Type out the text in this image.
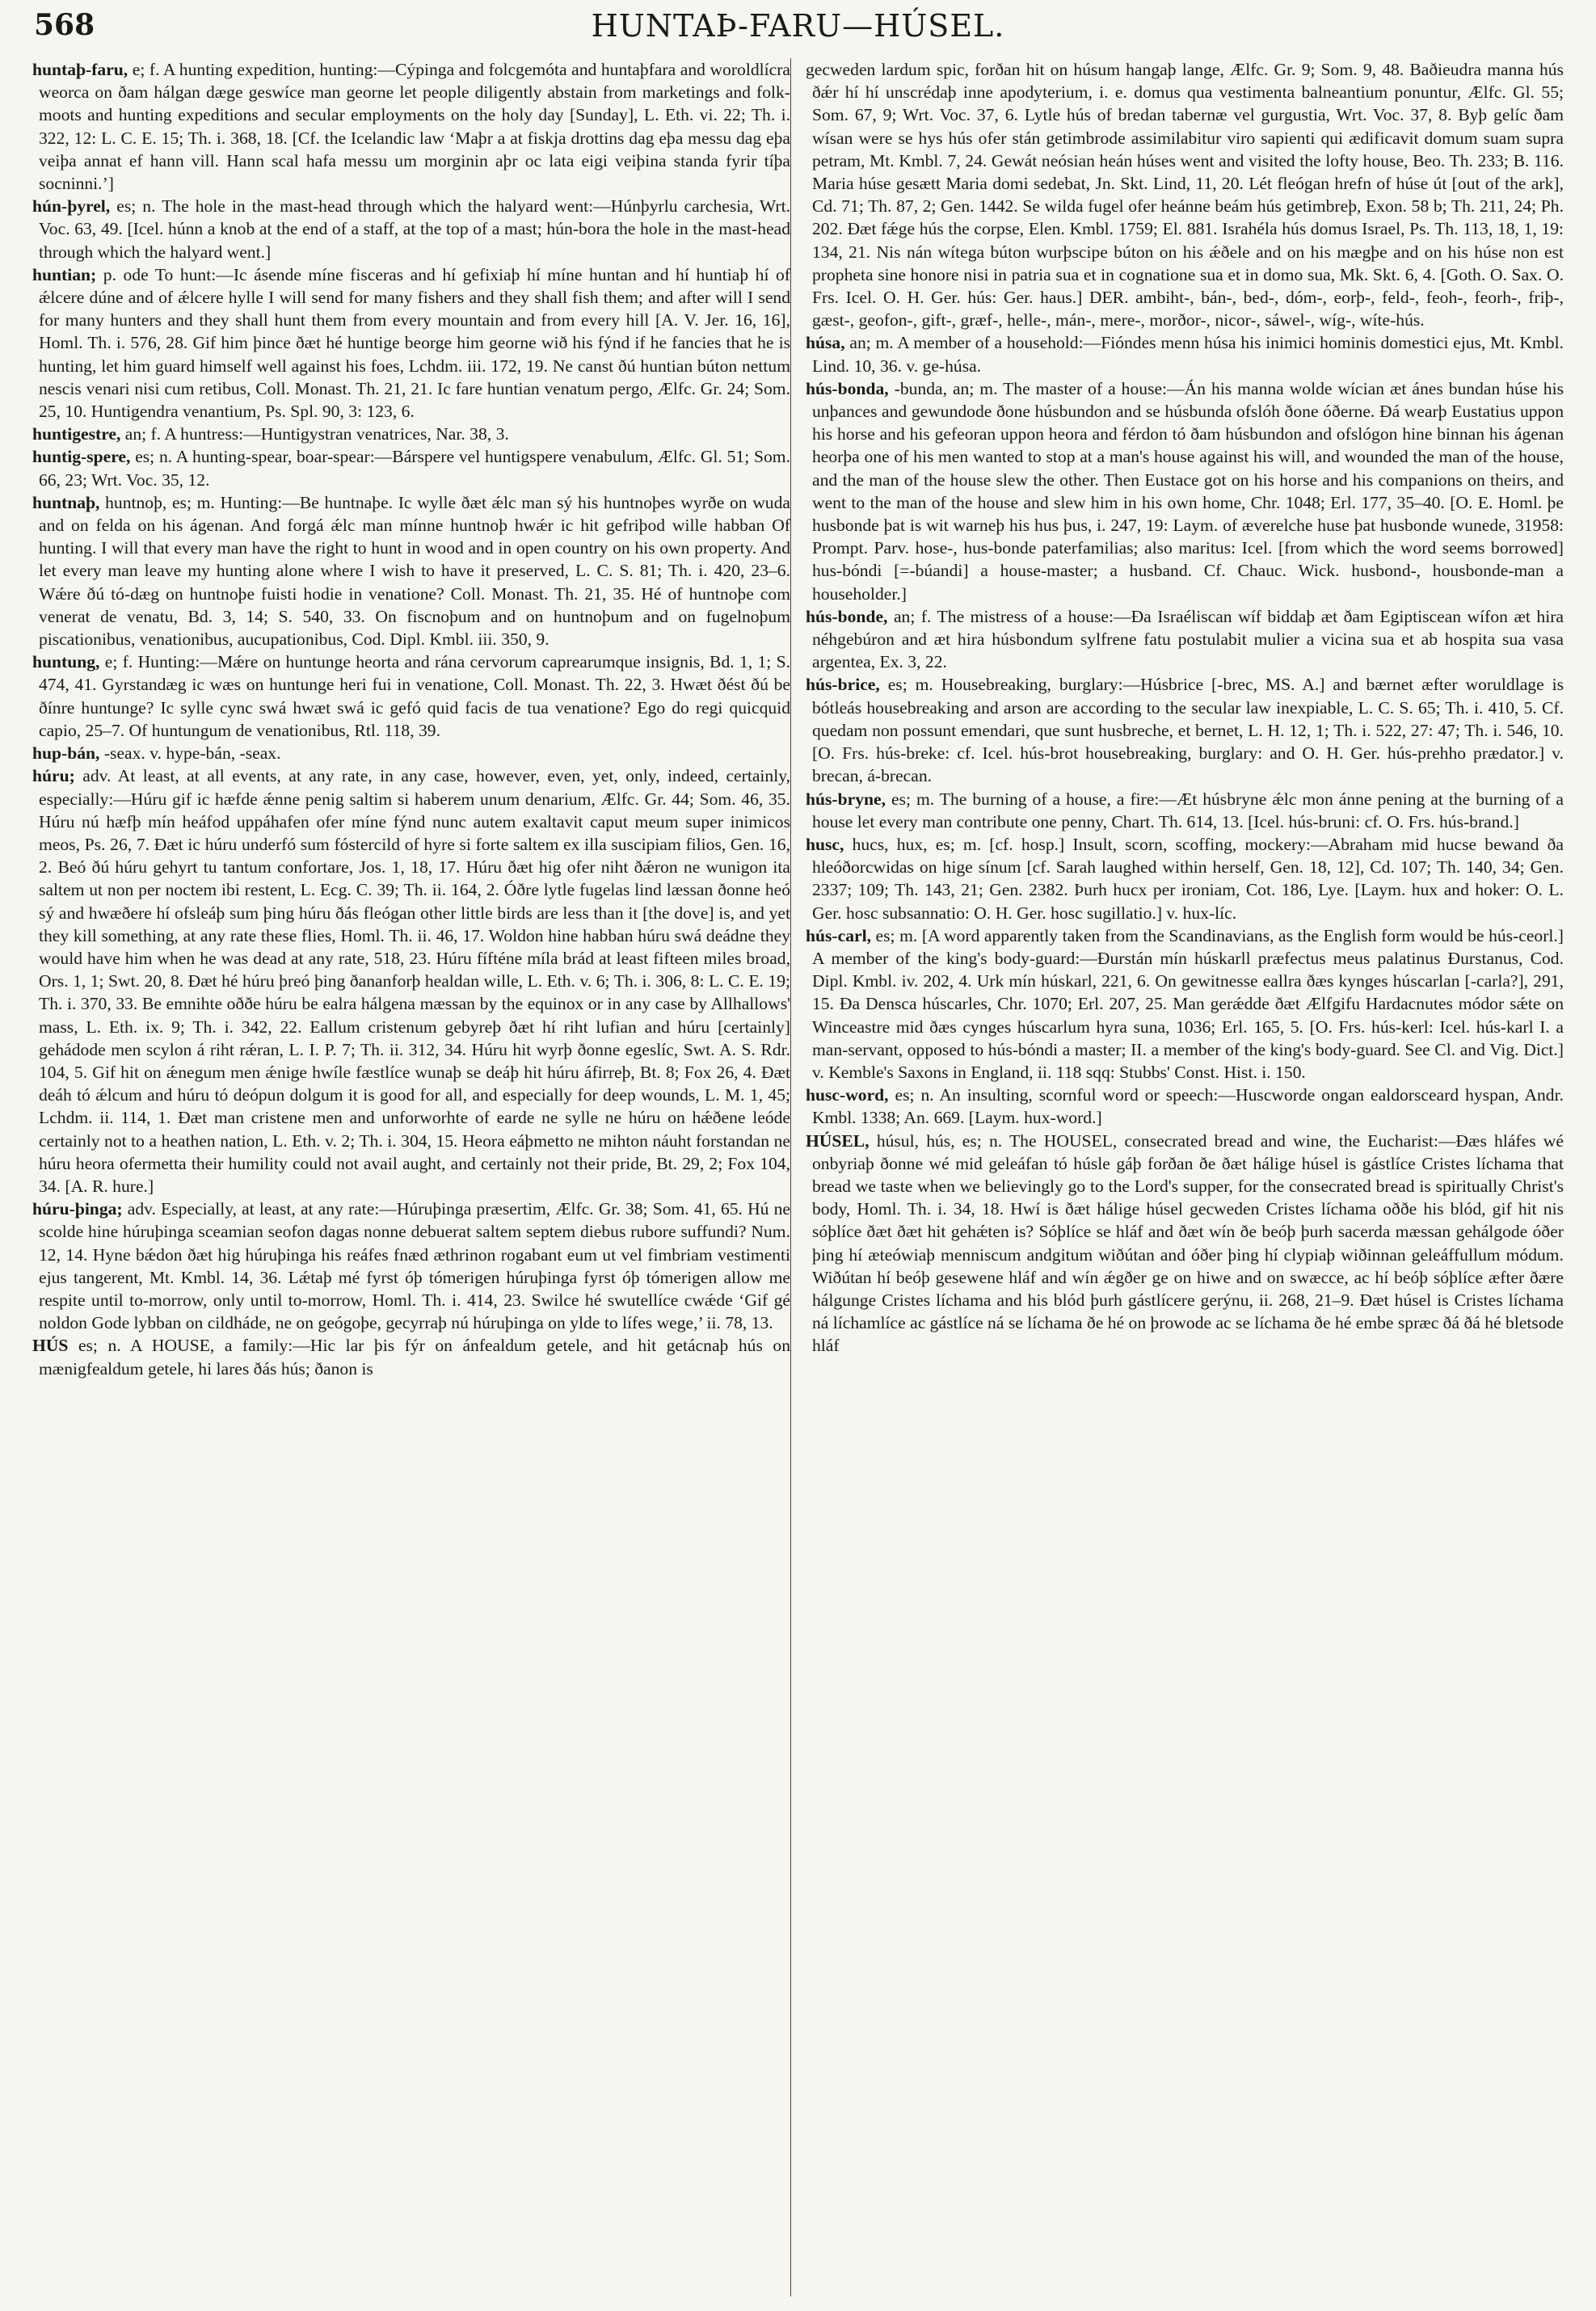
568	HUNTAÞ-FARU—HÚSEL.

huntaþ-faru, e; f. A hunting expedition, hunting:—Cýpinga and folcgemóta and huntaþfara and woroldlícra weorca on ðam hálgan dæge geswíce man georne let people diligently abstain from marketings and folk-moots and hunting expeditions and secular employments on the holy day [Sunday], L. Eth. vi. 22; Th. i. 322, 12: L. C. E. 15; Th. i. 368, 18. [Cf. the Icelandic law ‘Maþr a at fiskja drottins dag eþa messu dag eþa veiþa annat ef hann vill. Hann scal hafa messu um morginin aþr oc lata eigi veiþina standa fyrir tíþa socninni.’]

hún-þyrel, es; n. The hole in the mast-head through which the halyard went:—Húnþyrlu carchesia, Wrt. Voc. 63, 49. [Icel. húnn a knob at the end of a staff, at the top of a mast; hún-bora the hole in the mast-head through which the halyard went.]

huntian; p. ode To hunt:—Ic ásende míne fisceras and hí gefixiaþ hí míne huntan and hí huntiaþ hí of ǽlcere dúne and of ǽlcere hylle I will send for many fishers and they shall fish them; and after will I send for many hunters and they shall hunt them from every mountain and from every hill [A. V. Jer. 16, 16], Homl. Th. i. 576, 28. Gif him þince ðæt hé huntige beorge him georne wið his fýnd if he fancies that he is hunting, let him guard himself well against his foes, Lchdm. iii. 172, 19. Ne canst ðú huntian búton nettum nescis venari nisi cum retibus, Coll. Monast. Th. 21, 21. Ic fare huntian venatum pergo, Ælfc. Gr. 24; Som. 25, 10. Huntigendra venantium, Ps. Spl. 90, 3: 123, 6.

huntigestre, an; f. A huntress:—Huntigystran venatrices, Nar. 38, 3.

huntig-spere, es; n. A hunting-spear, boar-spear:—Bárspere vel huntigspere venabulum, Ælfc. Gl. 51; Som. 66, 23; Wrt. Voc. 35, 12.

huntnaþ, huntnoþ, es; m. Hunting:—Be huntnaþe. Ic wylle ðæt ǽlc man sý his huntnoþes wyrðe on wuda and on felda on his ágenan. And forgá ǽlc man mínne huntnoþ hwǽr ic hit gefriþod wille habban Of hunting. I will that every man have the right to hunt in wood and in open country on his own property. And let every man leave my hunting alone where I wish to have it preserved, L. C. S. 81; Th. i. 420, 23–6. Wǽre ðú tó-dæg on huntnoþe fuisti hodie in venatione? Coll. Monast. Th. 21, 35. Hé of huntnoþe com venerat de venatu, Bd. 3, 14; S. 540, 33. On fiscnoþum and on huntnoþum and on fugelnoþum piscationibus, venationibus, aucupationibus, Cod. Dipl. Kmbl. iii. 350, 9.

huntung, e; f. Hunting:—Mǽre on huntunge heorta and rána cervorum caprearumque insignis, Bd. 1, 1; S. 474, 41. Gyrstandæg ic wæs on huntunge heri fui in venatione, Coll. Monast. Th. 22, 3. Hwæt ðést ðú be ðínre huntunge? Ic sylle cync swá hwæt swá ic gefó quid facis de tua venatione? Ego do regi quicquid capio, 25–7. Of huntungum de venationibus, Rtl. 118, 39.

hup-bán, -seax. v. hype-bán, -seax.

húru; adv. At least, at all events, at any rate, in any case, however, even, yet, only, indeed, certainly, especially:—Húru gif ic hæfde ǽnne penig saltim si haberem unum denarium, Ælfc. Gr. 44; Som. 46, 35. Húru nú hæfþ mín heáfod uppáhafen ofer míne fýnd nunc autem exaltavit caput meum super inimicos meos, Ps. 26, 7. Ðæt ic húru underfó sum fóstercild of hyre si forte saltem ex illa suscipiam filios, Gen. 16, 2. Beó ðú húru gehyrt tu tantum confortare, Jos. 1, 18, 17. Húru ðæt hig ofer niht ðǽron ne wunigon ita saltem ut non per noctem ibi restent, L. Ecg. C. 39; Th. ii. 164, 2. Óðre lytle fugelas lind læssan ðonne heó sý and hwæðere hí ofsleáþ sum þing húru ðás fleógan other little birds are less than it [the dove] is, and yet they kill something, at any rate these flies, Homl. Th. ii. 46, 17. Woldon hine habban húru swá deádne they would have him when he was dead at any rate, 518, 23. Húru fífténe míla brád at least fifteen miles broad, Ors. 1, 1; Swt. 20, 8. Ðæt hé húru þreó þing ðananforþ healdan wille, L. Eth. v. 6; Th. i. 306, 8: L. C. E. 19; Th. i. 370, 33. Be emnihte oððe húru be ealra hálgena mæssan by the equinox or in any case by Allhallows' mass, L. Eth. ix. 9; Th. i. 342, 22. Eallum cristenum gebyreþ ðæt hí riht lufian and húru [certainly] gehádode men scylon á riht rǽran, L. I. P. 7; Th. ii. 312, 34. Húru hit wyrþ ðonne egeslíc, Swt. A. S. Rdr. 104, 5. Gif hit on ǽnegum men ǽnige hwíle fæstlíce wunaþ se deáþ hit húru áfirreþ, Bt. 8; Fox 26, 4. Ðæt deáh tó ǽlcum and húru tó deópun dolgum it is good for all, and especially for deep wounds, L. M. 1, 45; Lchdm. ii. 114, 1. Ðæt man cristene men and unforworhte of earde ne sylle ne húru on hǽðene leóde certainly not to a heathen nation, L. Eth. v. 2; Th. i. 304, 15. Heora eáþmetto ne mihton náuht forstandan ne húru heora ofermetta their humility could not avail aught, and certainly not their pride, Bt. 29, 2; Fox 104, 34. [A. R. hure.]

húru-þinga; adv. Especially, at least, at any rate:—Húruþinga præsertim, Ælfc. Gr. 38; Som. 41, 65. Hú ne scolde hine húruþinga sceamian seofon dagas nonne debuerat saltem septem diebus rubore suffundi? Num. 12, 14. Hyne bǽdon ðæt hig húruþinga his reáfes fnæd æthrinon rogabant eum ut vel fimbriam vestimenti ejus tangerent, Mt. Kmbl. 14, 36. Lǽtaþ mé fyrst óþ tómerigen húruþinga fyrst óþ tómerigen allow me respite until to-morrow, only until to-morrow, Homl. Th. i. 414, 23. Swilce hé swutellíce cwǽde ‘Gif gé noldon Gode lybban on cildháde, ne on geógoþe, gecyrraþ nú húruþinga on ylde to lífes wege,’ ii. 78, 13.

HÚS es; n. A HOUSE, a family:—Hic lar þis fýr on ánfealdum getele, and hit getácnaþ hús on mænigfealdum getele, hi lares ðás hús; ðanon is

gecweden lardum spic, forðan hit on húsum hangaþ lange, Ælfc. Gr. 9; Som. 9, 48. Baðieudra manna hús ðǽr hí hí unscrédaþ inne apodyterium, i. e. domus qua vestimenta balneantium ponuntur, Ælfc. Gl. 55; Som. 67, 9; Wrt. Voc. 37, 6. Lytle hús of bredan tabernæ vel gurgustia, Wrt. Voc. 37, 8. Byþ gelíc ðam wísan were se hys hús ofer stán getimbrode assimilabitur viro sapienti qui ædificavit domum suam supra petram, Mt. Kmbl. 7, 24. Gewát neósian heán húses went and visited the lofty house, Beo. Th. 233; B. 116. Maria húse gesætt Maria domi sedebat, Jn. Skt. Lind, 11, 20. Lét fleógan hrefn of húse út [out of the ark], Cd. 71; Th. 87, 2; Gen. 1442. Se wilda fugel ofer heánne beám hús getimbreþ, Exon. 58 b; Th. 211, 24; Ph. 202. Ðæt fǽge hús the corpse, Elen. Kmbl. 1759; El. 881. Israhéla hús domus Israel, Ps. Th. 113, 18, 1, 19: 134, 21. Nis nán wítega búton wurþscipe búton on his ǽðele and on his mægþe and on his húse non est propheta sine honore nisi in patria sua et in cognatione sua et in domo sua, Mk. Skt. 6, 4. [Goth. O. Sax. O. Frs. Icel. O. H. Ger. hús: Ger. haus.] DER. ambiht-, bán-, bed-, dóm-, eorþ-, feld-, feoh-, feorh-, friþ-, gæst-, geofon-, gift-, græf-, helle-, mán-, mere-, morðor-, nicor-, sáwel-, wíg-, wíte-hús.

húsa, an; m. A member of a household:—Fióndes menn húsa his inimici hominis domestici ejus, Mt. Kmbl. Lind. 10, 36. v. ge-húsa.

hús-bonda, -bunda, an; m. The master of a house:—Án his manna wolde wícian æt ánes bundan húse his unþances and gewundode ðone húsbundon and se húsbunda ofslóh ðone óðerne. Ðá wearþ Eustatius uppon his horse and his gefeoran uppon heora and férdon tó ðam húsbundon and ofslógon hine binnan his ágenan heorþa one of his men wanted to stop at a man's house against his will, and wounded the man of the house, and the man of the house slew the other. Then Eustace got on his horse and his companions on theirs, and went to the man of the house and slew him in his own home, Chr. 1048; Erl. 177, 35–40. [O. E. Homl. þe husbonde þat is wit warneþ his hus þus, i. 247, 19: Laym. of æverelche huse þat husbonde wunede, 31958: Prompt. Parv. hose-, hus-bonde paterfamilias; also maritus: Icel. [from which the word seems borrowed] hus-bóndi [=-búandi] a house-master; a husband. Cf. Chauc. Wick. husbond-, housbonde-man a householder.]

hús-bonde, an; f. The mistress of a house:—Ða Israéliscan wíf biddaþ æt ðam Egiptiscean wífon æt hira néhgebúron and æt hira húsbondum sylfrene fatu postulabit mulier a vicina sua et ab hospita sua vasa argentea, Ex. 3, 22.

hús-brice, es; m. Housebreaking, burglary:—Húsbrice [-brec, MS. A.] and bærnet æfter woruldlage is bótleás housebreaking and arson are according to the secular law inexpiable, L. C. S. 65; Th. i. 410, 5. Cf. quedam non possunt emendari, que sunt husbreche, et bernet, L. H. 12, 1; Th. i. 522, 27: 47; Th. i. 546, 10. [O. Frs. hús-breke: cf. Icel. hús-brot housebreaking, burglary: and O. H. Ger. hús-prehho prædator.] v. brecan, á-brecan.

hús-bryne, es; m. The burning of a house, a fire:—Æt húsbryne ǽlc mon ánne pening at the burning of a house let every man contribute one penny, Chart. Th. 614, 13. [Icel. hús-bruni: cf. O. Frs. hús-brand.]

husc, hucs, hux, es; m. [cf. hosp.] Insult, scorn, scoffing, mockery:—Abraham mid hucse bewand ða hleóðorcwidas on hige sínum [cf. Sarah laughed within herself, Gen. 18, 12], Cd. 107; Th. 140, 34; Gen. 2337; 109; Th. 143, 21; Gen. 2382. Þurh hucx per ironiam, Cot. 186, Lye. [Laym. hux and hoker: O. L. Ger. hosc subsannatio: O. H. Ger. hosc sugillatio.] v. hux-líc.

hús-carl, es; m. [A word apparently taken from the Scandinavians, as the English form would be hús-ceorl.] A member of the king's body-guard:—Ðurstán mín húskarll præfectus meus palatinus Ðurstanus, Cod. Dipl. Kmbl. iv. 202, 4. Urk mín húskarl, 221, 6. On gewitnesse eallra ðæs kynges húscarlan [-carla?], 291, 15. Ða Densca húscarles, Chr. 1070; Erl. 207, 25. Man gerǽdde ðæt Ælfgifu Hardacnutes módor sǽte on Winceastre mid ðæs cynges húscarlum hyra suna, 1036; Erl. 165, 5. [O. Frs. hús-kerl: Icel. hús-karl I. a man-servant, opposed to hús-bóndi a master; II. a member of the king's body-guard. See Cl. and Vig. Dict.] v. Kemble's Saxons in England, ii. 118 sqq: Stubbs' Const. Hist. i. 150.

husc-word, es; n. An insulting, scornful word or speech:—Huscworde ongan ealdorsceard hyspan, Andr. Kmbl. 1338; An. 669. [Laym. hux-word.]

HÚSEL, húsul, hús, es; n. The HOUSEL, consecrated bread and wine, the Eucharist:—Ðæs hláfes wé onbyriaþ ðonne wé mid geleáfan tó húsle gáþ forðan ðe ðæt hálige húsel is gástlíce Cristes líchama that bread we taste when we believingly go to the Lord's supper, for the consecrated bread is spiritually Christ's body, Homl. Th. i. 34, 18. Hwí is ðæt hálige húsel gecweden Cristes líchama oððe his blód, gif hit nis sóþlíce ðæt ðæt hit gehǽten is? Sóþlíce se hláf and ðæt wín ðe beóþ þurh sacerda mæssan gehálgode óðer þing hí æteówiaþ menniscum andgitum wiðútan and óðer þing hí clypiaþ wiðinnan geleáffullum módum. Wiðútan hí beóþ gesewene hláf and wín ǽgðer ge on hiwe and on swæcce, ac hí beóþ sóþlíce æfter ðære hálgunge Cristes líchama and his blód þurh gástlícere gerýnu, ii. 268, 21–9. Ðæt húsel is Cristes líchama ná líchamlíce ac gástlíce ná se líchama ðe hé on þrowode ac se líchama ðe hé embe spræc ðá ðá hé bletsode hláf
